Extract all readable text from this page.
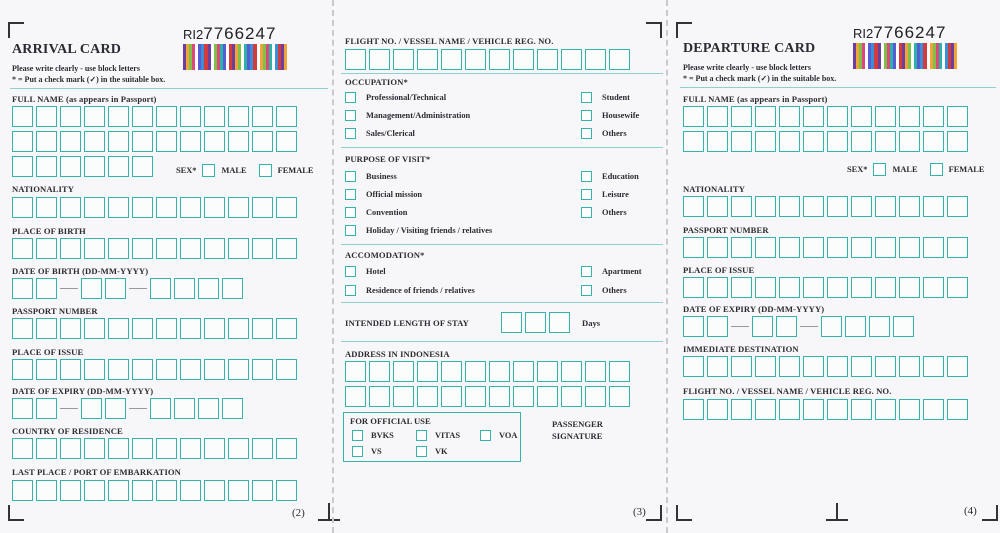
ARRIVAL CARD
RI27766247
Please write clearly - use block letters
* = Put a check mark (✓) in the suitable box.
FULL NAME (as appears in Passport)
SEX*	MALE	FEMALE
NATIONALITY
PLACE OF BIRTH
DATE OF BIRTH (DD-MM-YYYY)
PASSPORT NUMBER
PLACE OF ISSUE
DATE OF EXPIRY (DD-MM-YYYY)
COUNTRY OF RESIDENCE
LAST PLACE / PORT OF EMBARKATION
(2)
FLIGHT NO. / VESSEL NAME / VEHICLE REG. NO.
OCCUPATION*
Professional/Technical
Management/Administration
Sales/Clerical
Student
Housewife
Others
PURPOSE OF VISIT*
Business
Official mission
Convention
Holiday / Visiting friends / relatives
Education
Leisure
Others
ACCOMODATION*
Hotel
Residence of friends / relatives
Apartment
Others
INTENDED LENGTH OF STAY	Days
ADDRESS IN INDONESIA
FOR OFFICIAL USE
BVKS	VITAS	VOA
VS	VK
PASSENGER
SIGNATURE
(3)
DEPARTURE CARD
RI27766247
Please write clearly - use block letters
* = Put a check mark (✓) in the suitable box.
FULL NAME (as appears in Passport)
SEX*	MALE	FEMALE
NATIONALITY
PASSPORT NUMBER
PLACE OF ISSUE
DATE OF EXPIRY (DD-MM-YYYY)
IMMEDIATE DESTINATION
FLIGHT NO. / VESSEL NAME / VEHICLE REG. NO.
(4)
